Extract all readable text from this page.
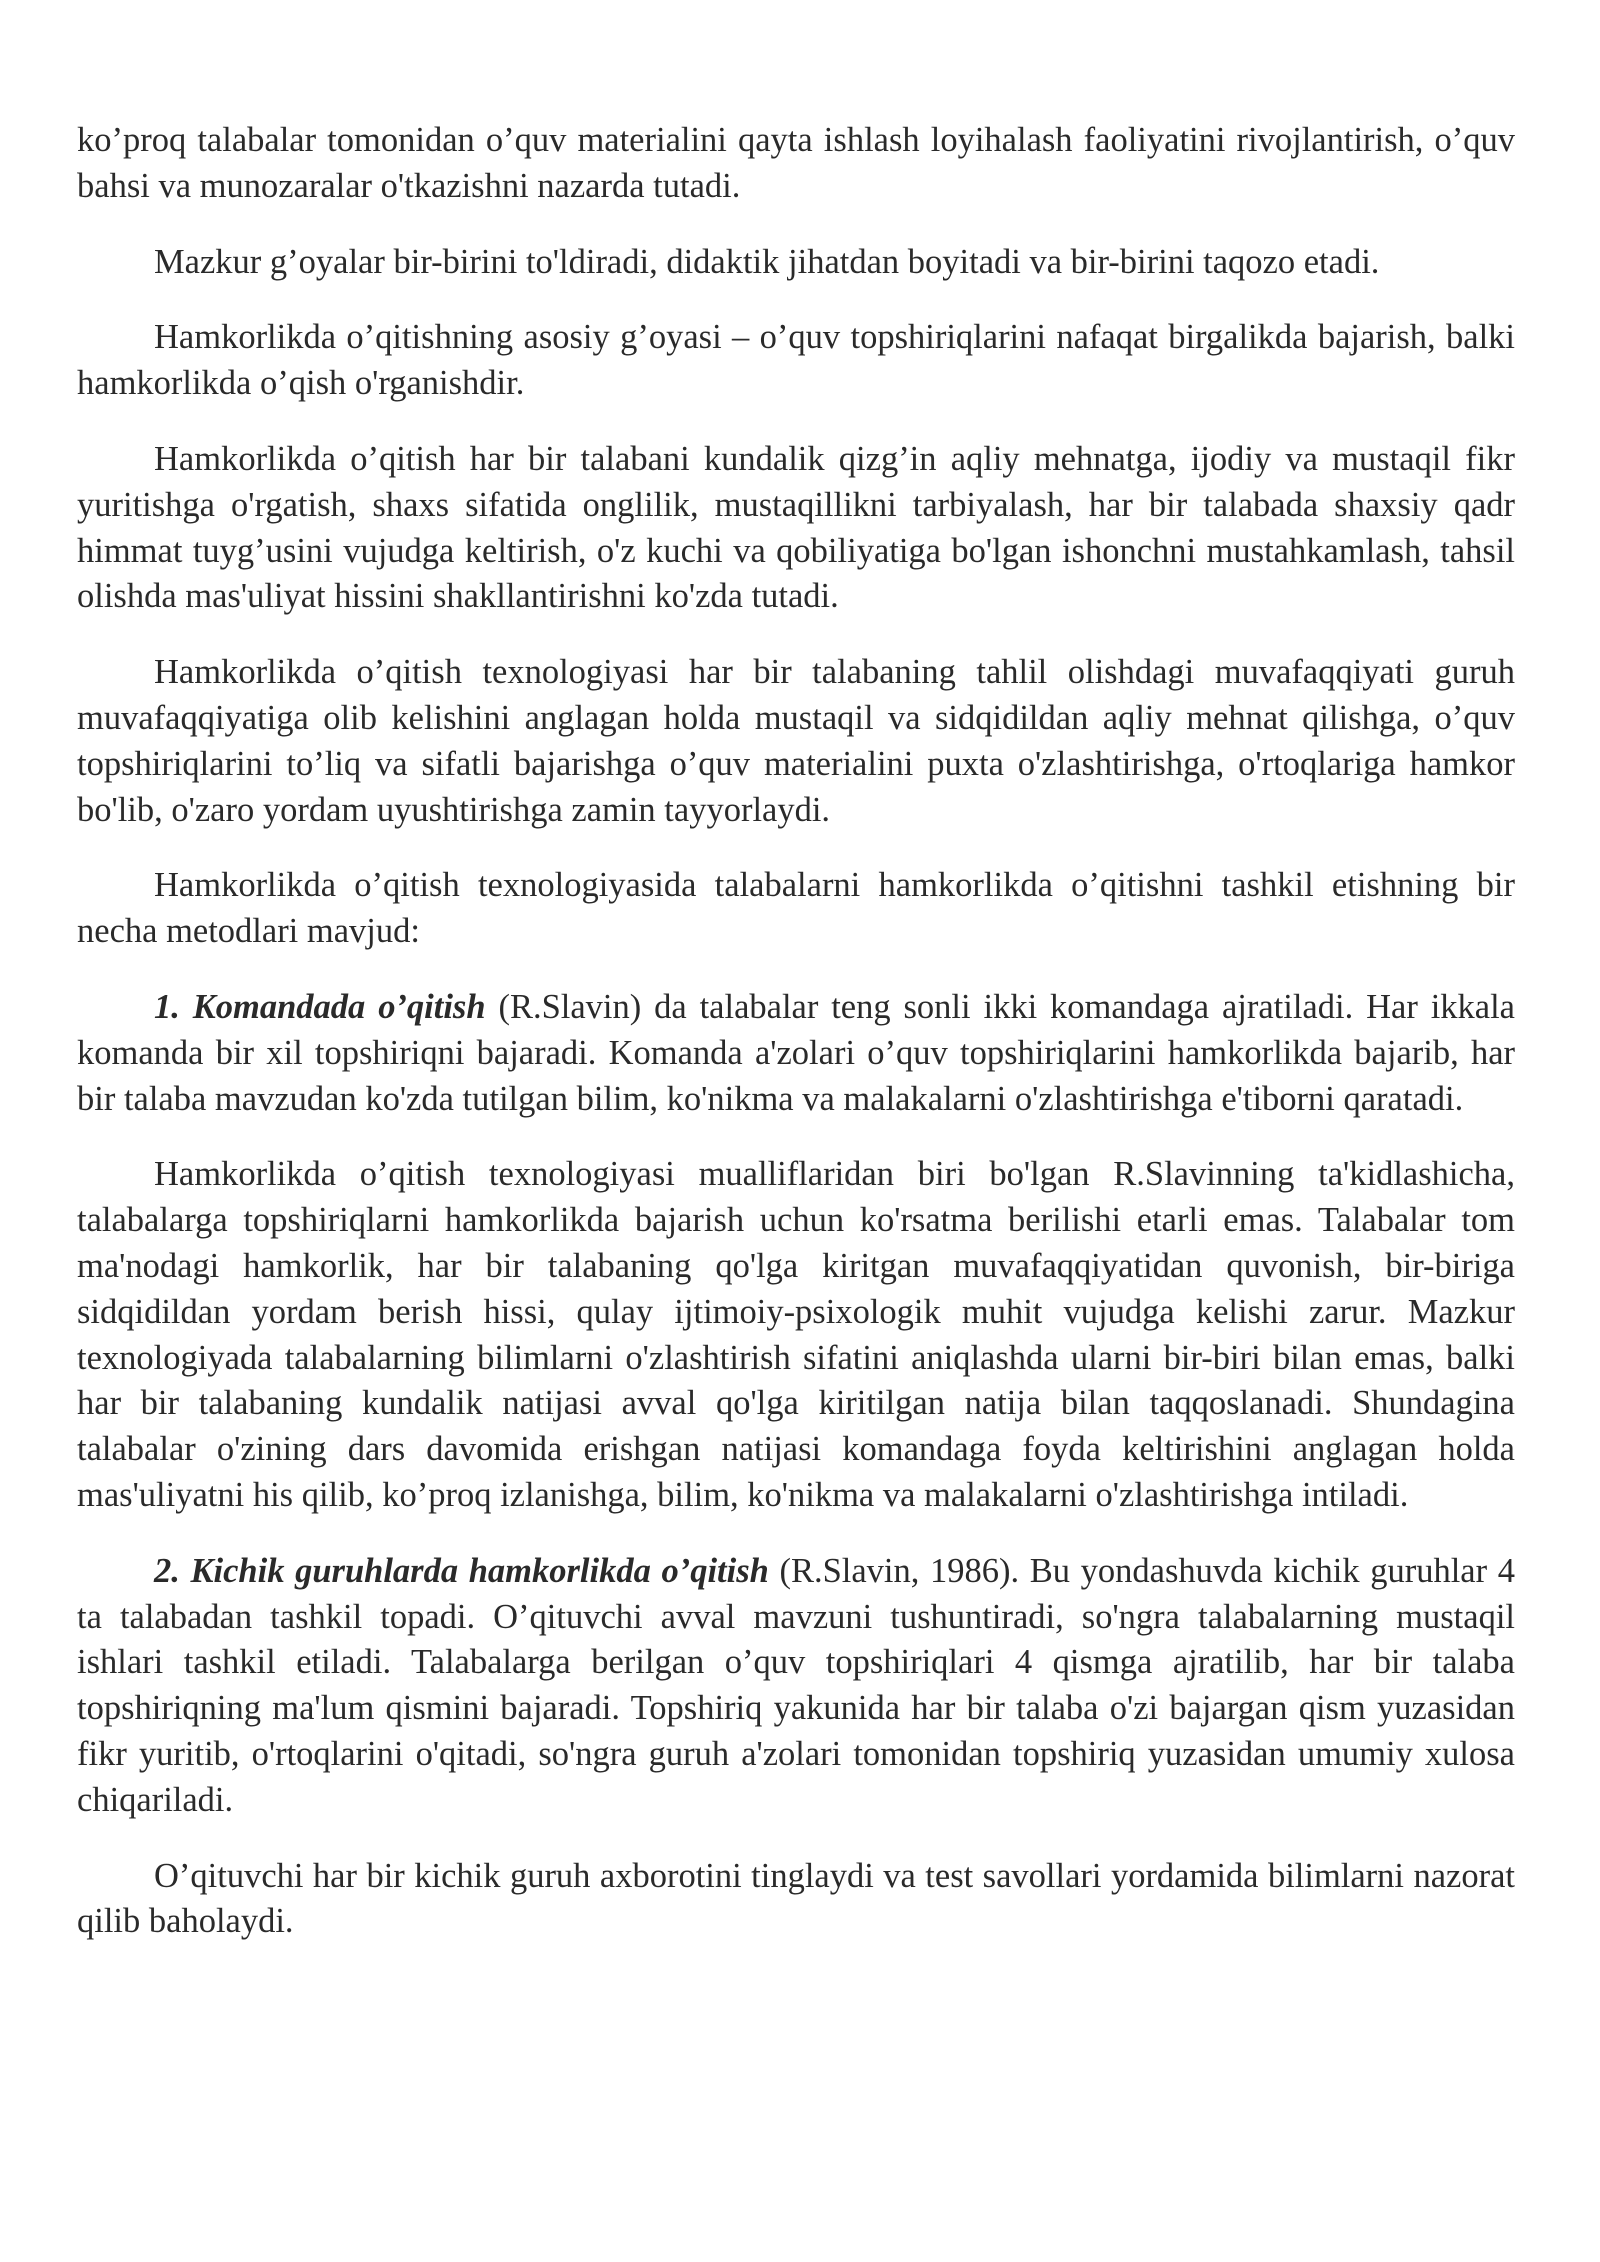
ko’proq talabalar tomonidan o’quv materialini qayta ishlash loyihalash faoliyatini rivojlantirish, o’quv bahsi va munozaralar o'tkazishni nazarda tutadi.

Mazkur g’oyalar bir-birini to'ldiradi, didaktik jihatdan boyitadi va bir-birini taqozo etadi.

Hamkorlikda o’qitishning asosiy g’oyasi – o’quv topshiriqlarini nafaqat birgalikda bajarish, balki hamkorlikda o’qish o'rganishdir.

Hamkorlikda o’qitish har bir talabani kundalik qizg’in aqliy mehnatga, ijodiy va mustaqil fikr yuritishga o'rgatish, shaxs sifatida onglilik, mustaqillikni tarbiyalash, har bir talabada shaxsiy qadr himmat tuyg’usini vujudga keltirish, o'z kuchi va qobiliyatiga bo'lgan ishonchni mustahkamlash, tahsil olishda mas'uliyat hissini shakllantirishni ko'zda tutadi.

Hamkorlikda o’qitish texnologiyasi har bir talabaning tahlil olishdagi muvafaqqiyati guruh muvafaqqiyatiga olib kelishini anglagan holda mustaqil va sidqidildan aqliy mehnat qilishga, o’quv topshiriqlarini to’liq va sifatli bajarishga o’quv materialini puxta o'zlashtirishga, o'rtoqlariga hamkor bo'lib, o'zaro yordam uyushtirishga zamin tayyorlaydi.

Hamkorlikda o’qitish texnologiyasida talabalarni hamkorlikda o’qitishni tashkil etishning bir necha metodlari mavjud:

1. Komandada o’qitish (R.Slavin) da talabalar teng sonli ikki komandaga ajratiladi. Har ikkala komanda bir xil topshiriqni bajaradi. Komanda a'zolari o’quv topshiriqlarini hamkorlikda bajarib, har bir talaba mavzudan ko'zda tutilgan bilim, ko'nikma va malakalarni o'zlashtirishga e'tiborni qaratadi.

Hamkorlikda o’qitish texnologiyasi mualliflaridan biri bo'lgan R.Slavinning ta'kidlashicha, talabalarga topshiriqlarni hamkorlikda bajarish uchun ko'rsatma berilishi etarli emas. Talabalar tom ma'nodagi hamkorlik, har bir talabaning qo'lga kiritgan muvafaqqiyatidan quvonish, bir-biriga sidqidildan yordam berish hissi, qulay ijtimoiy-psixologik muhit vujudga kelishi zarur. Mazkur texnologiyada talabalarning bilimlarni o'zlashtirish sifatini aniqlashda ularni bir-biri bilan emas, balki har bir talabaning kundalik natijasi avval qo'lga kiritilgan natija bilan taqqoslanadi. Shundagina talabalar o'zining dars davomida erishgan natijasi komandaga foyda keltirishini anglagan holda mas'uliyatni his qilib, ko’proq izlanishga, bilim, ko'nikma va malakalarni o'zlashtirishga intiladi.

2. Kichik guruhlarda hamkorlikda o’qitish (R.Slavin, 1986). Bu yondashuvda kichik guruhlar 4 ta talabadan tashkil topadi. O’qituvchi avval mavzuni tushuntiradi, so'ngra talabalarning mustaqil ishlari tashkil etiladi. Talabalarga berilgan o’quv topshiriqlari 4 qismga ajratilib, har bir talaba topshiriqning ma'lum qismini bajaradi. Topshiriq yakunida har bir talaba o'zi bajargan qism yuzasidan fikr yuritib, o'rtoqlarini o'qitadi, so'ngra guruh a'zolari tomonidan topshiriq yuzasidan umumiy xulosa chiqariladi.

O’qituvchi har bir kichik guruh axborotini tinglaydi va test savollari yordamida bilimlarni nazorat qilib baholaydi.
